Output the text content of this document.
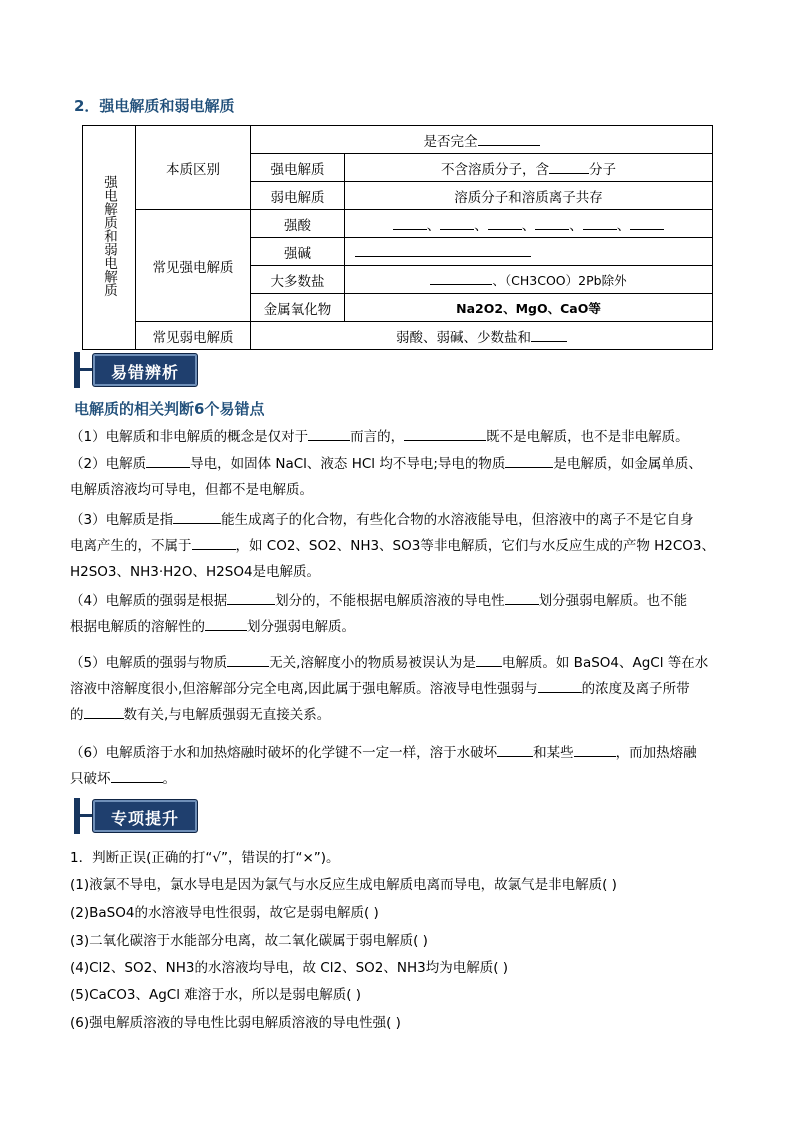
2．强电解质和弱电解质
强电解质和弱电解质	本质区别	是否完全	
		强电解质	不含溶质分子，含 分子
		弱电解质	溶质分子和溶质离子共存
	常见强电解质	强酸	、 、 、 、 、
		强碱	
		大多数盐	、（CH3COO）2Pb除外
		金属氧化物	Na2O2、MgO、CaO等
	常见弱电解质	弱酸、弱碱、少数盐和	
易错辨析
电解质的相关判断6个易错点
（1）电解质和非电解质的概念是仅对于	而言的，	既不是电解质，也不是非电解质。
（2）电解质	导电，如固体 NaCl、液态 HCl 均不导电;导电的物质	是电解质，如金属单质、
电解质溶液均可导电，但都不是电解质。
（3）电解质是指	能生成离子的化合物，有些化合物的水溶液能导电，但溶液中的离子不是它自身
电离产生的，不属于	，如 CO2、SO2、NH3、SO3等非电解质，它们与水反应生成的产物 H2CO3、
H2SO3、NH3·H2O、H2SO4是电解质。
（4）电解质的强弱是根据	划分的，不能根据电解质溶液的导电性	划分强弱电解质。也不能
根据电解质的溶解性的	划分强弱电解质。
（5）电解质的强弱与物质	无关,溶解度小的物质易被误认为是 电解质。如 BaSO4、AgCl 等在水
溶液中溶解度很小,但溶解部分完全电离,因此属于强电解质。溶液导电性强弱与	的浓度及离子所带
的	数有关,与电解质强弱无直接关系。
（6）电解质溶于水和加热熔融时破坏的化学键不一定一样，溶于水破坏	和某些	，而加热熔融
只破坏	。
专项提升
1．判断正误(正确的打“√”，错误的打“×”)。
(1)液氯不导电，氯水导电是因为氯气与水反应生成电解质电离而导电，故氯气是非电解质( )
(2)BaSO4的水溶液导电性很弱，故它是弱电解质( )
(3)二氧化碳溶于水能部分电离，故二氧化碳属于弱电解质( )
(4)Cl2、SO2、NH3的水溶液均导电，故 Cl2、SO2、NH3均为电解质( )
(5)CaCO3、AgCl 难溶于水，所以是弱电解质( )
(6)强电解质溶液的导电性比弱电解质溶液的导电性强( )
